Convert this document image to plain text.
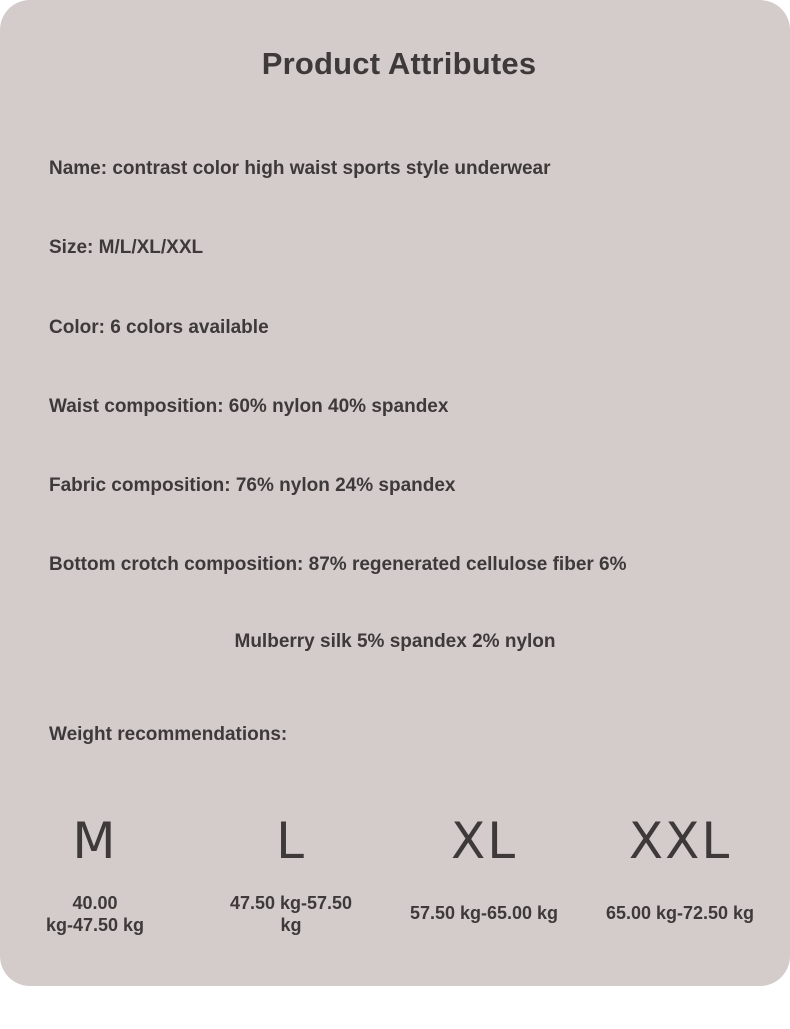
Product Attributes
Name: contrast color high waist sports style underwear
Size: M/L/XL/XXL
Color: 6 colors available
Waist composition: 60% nylon 40% spandex
Fabric composition: 76% nylon 24% spandex
Bottom crotch composition: 87% regenerated cellulose fiber 6%
Mulberry silk 5% spandex 2% nylon
Weight recommendations:
M
40.00
kg-47.50 kg
L
47.50 kg-57.50
kg
XL
57.50 kg-65.00 kg
XXL
65.00 kg-72.50 kg
